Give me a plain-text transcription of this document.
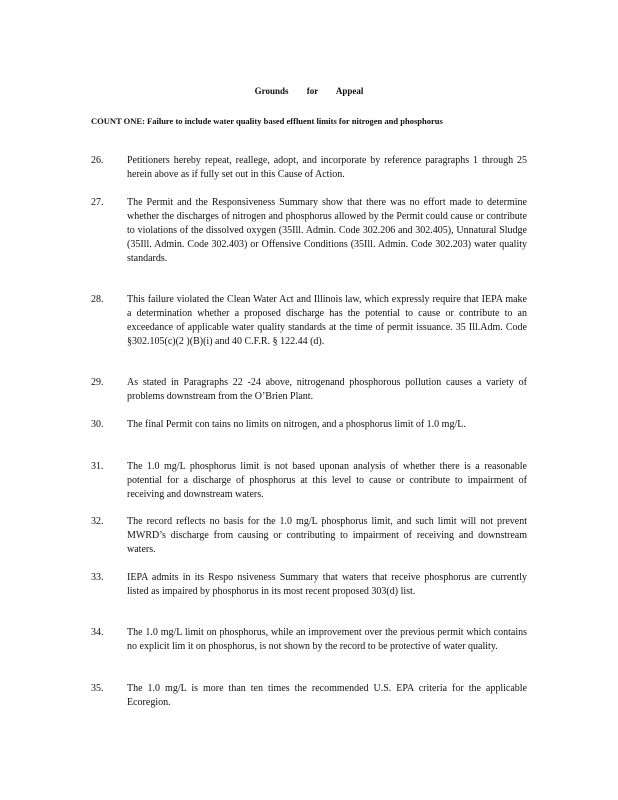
Grounds for Appeal
COUNT ONE: Failure to include water quality based effluent limits for nitrogen and phosphorus
26.	Petitioners hereby repeat, reallege, adopt, and incorporate by reference paragraphs 1 through 25 herein above as if fully set out in this Cause of Action.
27.	The Permit and the Responsiveness Summary show that there was no effort made to determine whether the discharges of nitrogen and phosphorus allowed by the Permit could cause or contribute to violations of the dissolved oxygen (35Ill. Admin. Code 302.206 and 302.405), Unnatural Sludge (35Ill. Admin. Code 302.403) or Offensive Conditions (35Ill. Admin. Code 302.203) water quality standards.
28.	This failure violated the Clean Water Act and Illinois law, which expressly require that IEPA make a determination whether a proposed discharge has the potential to cause or contribute to an exceedance of applicable water quality standards at the time of permit issuance. 35 Ill.Adm. Code §302.105(c)(2 )(B)(i) and 40 C.F.R. § 122.44 (d).
29.	As stated in Paragraphs 22 -24 above, nitrogenand phosphorous pollution causes a variety of problems downstream from the O’Brien Plant.
30.	The final Permit con tains no limits on nitrogen, and a phosphorus limit of 1.0 mg/L.
31.	The 1.0 mg/L phosphorus limit is not based uponan analysis of whether there is a reasonable potential for a discharge of phosphorus at this level to cause or contribute to impairment of receiving and downstream waters.
32.	The record reflects no basis for the 1.0 mg/L phosphorus limit, and such limit will not prevent MWRD’s discharge from causing or contributing to impairment of receiving and downstream waters.
33.	IEPA admits in its Respo nsiveness Summary that waters that receive phosphorus are currently listed as impaired by phosphorus in its most recent proposed 303(d) list.
34.	The 1.0 mg/L limit on phosphorus, while an improvement over the previous permit which contains no explicit lim it on phosphorus, is not shown by the record to be protective of water quality.
35.	The 1.0 mg/L is more than ten times the recommended U.S. EPA criteria for the applicable Ecoregion.
